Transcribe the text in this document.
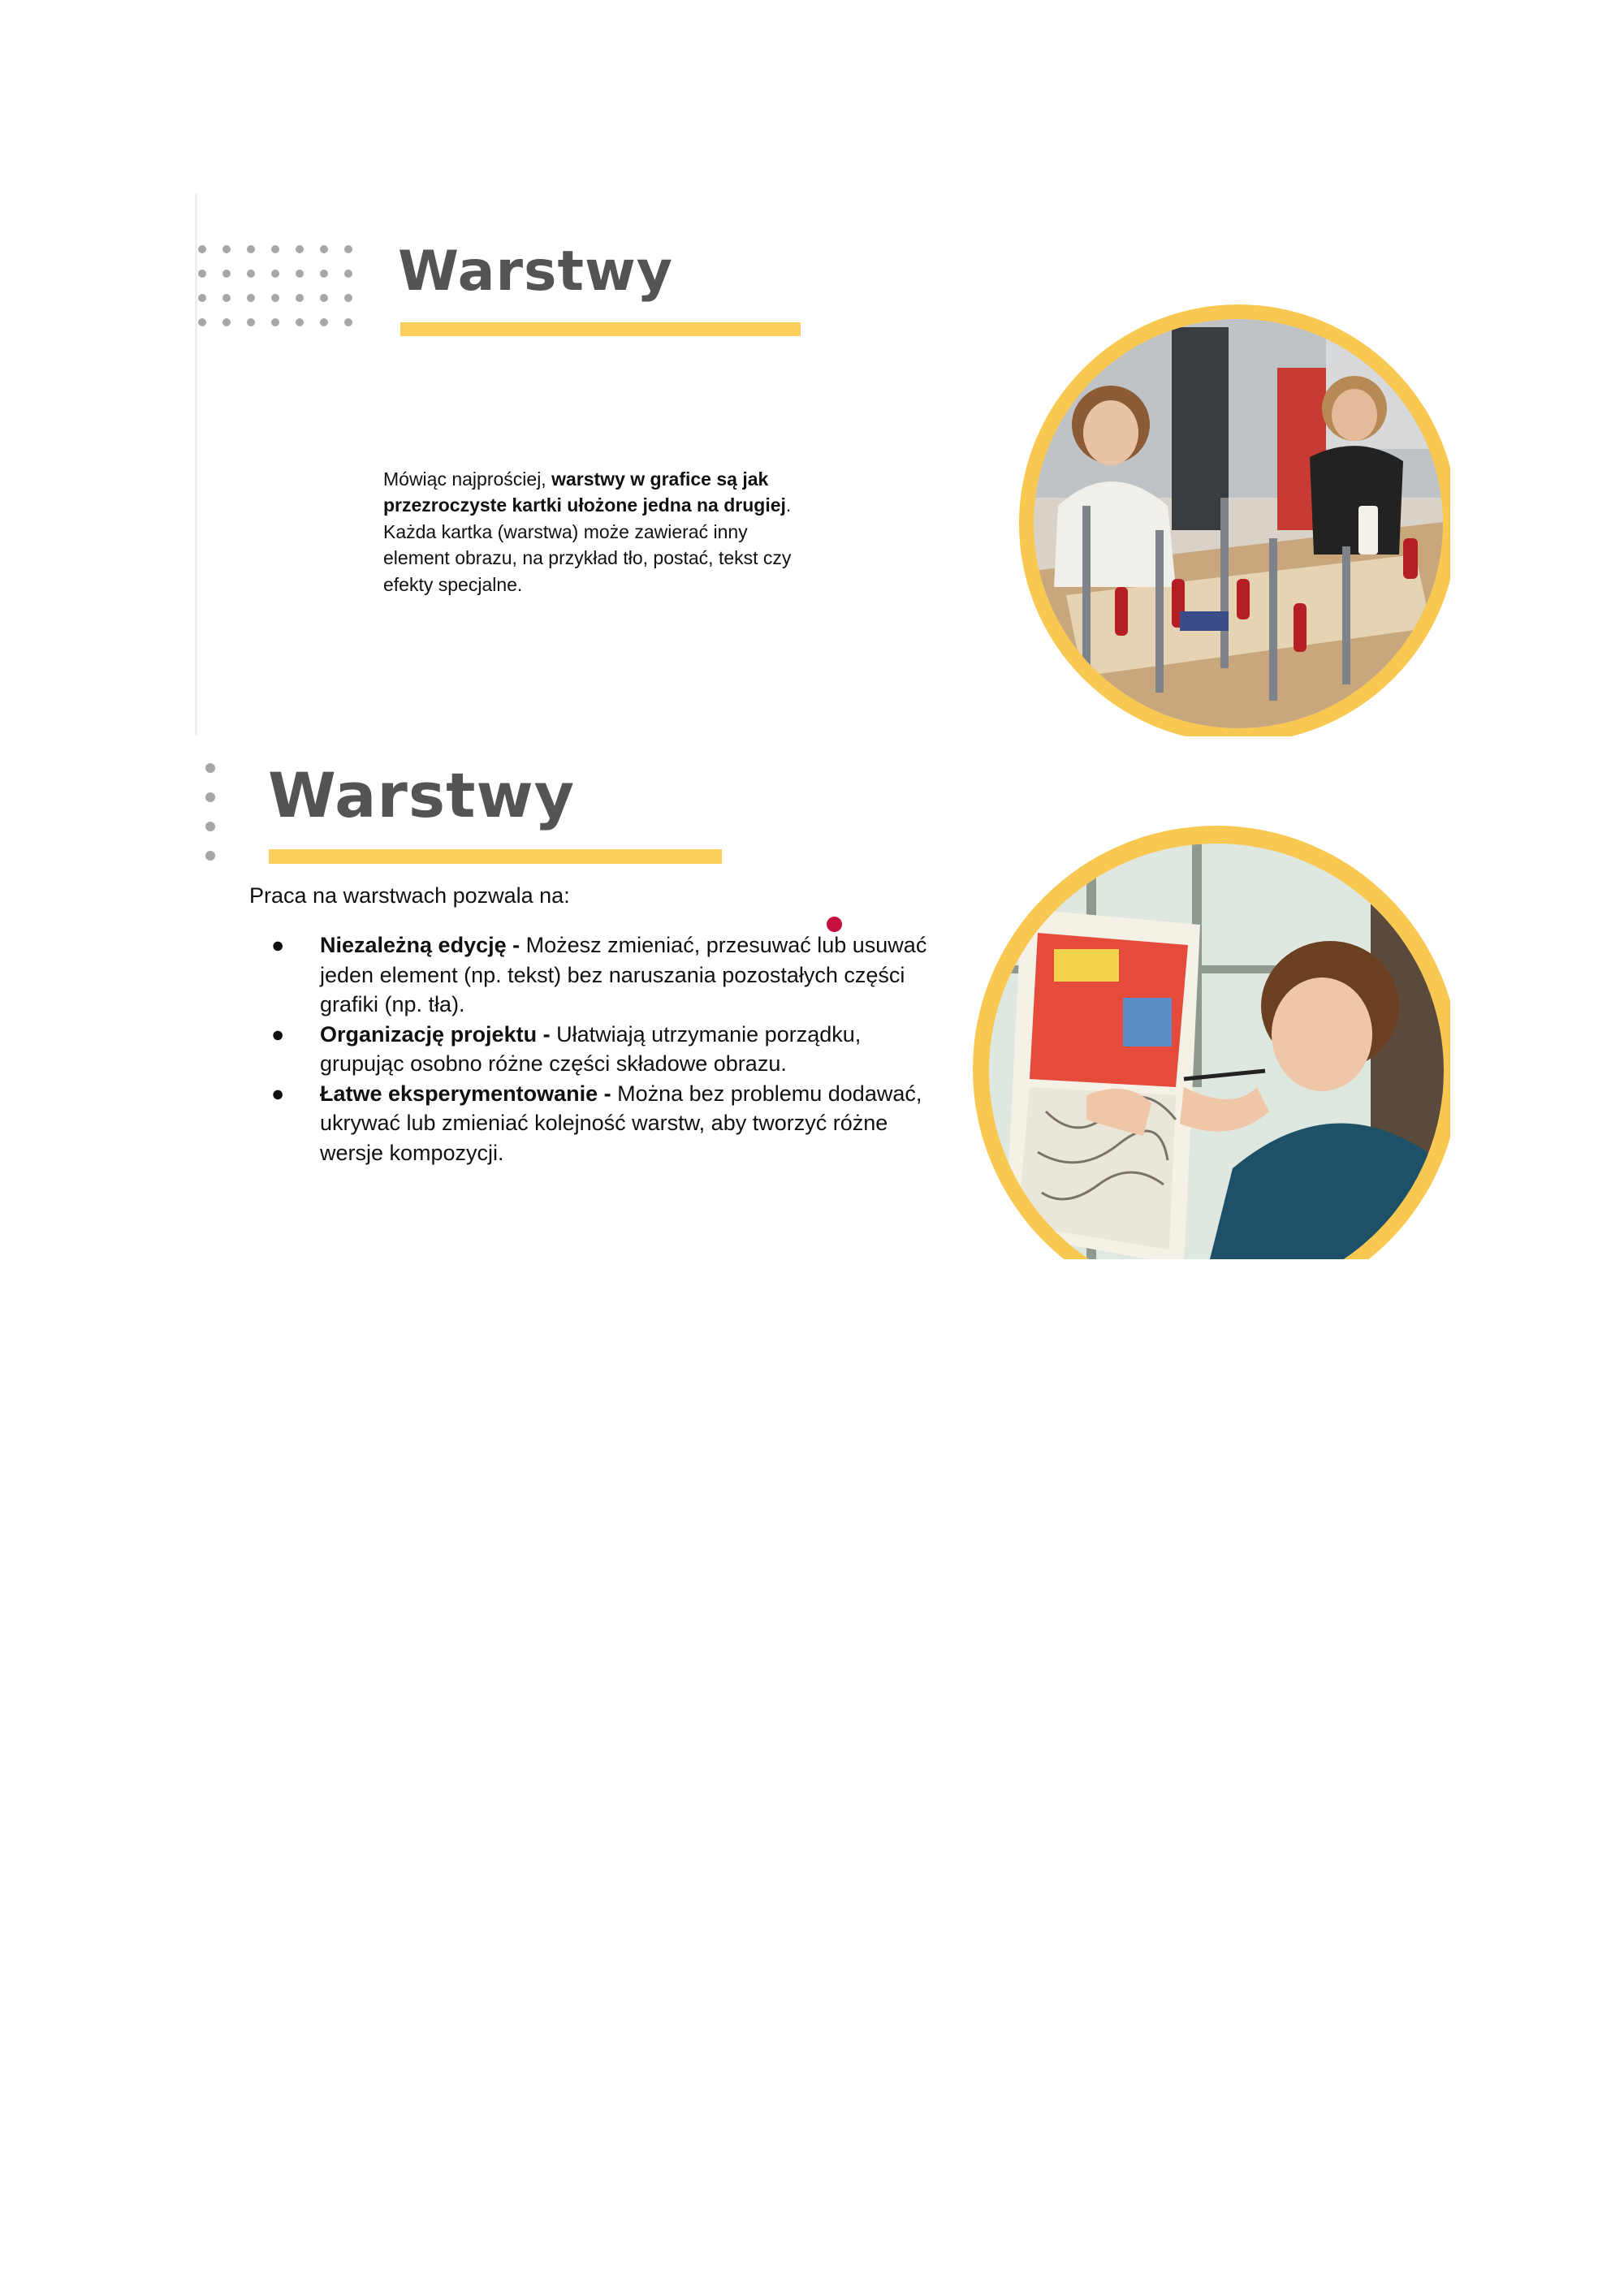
Warstwy
Mówiąc najprościej, warstwy w grafice są jak przezroczyste kartki ułożone jedna na drugiej. Każda kartka (warstwa) może zawierać inny element obrazu, na przykład tło, postać, tekst czy efekty specjalne.
Warstwy
Praca na warstwach pozwala na:
● Niezależną edycję - Możesz zmieniać, przesuwać lub usuwać jeden element (np. tekst) bez naruszania pozostałych części grafiki (np. tła).
● Organizację projektu - Ułatwiają utrzymanie porządku, grupując osobno różne części składowe obrazu.
● Łatwe eksperymentowanie - Można bez problemu dodawać, ukrywać lub zmieniać kolejność warstw, aby tworzyć różne wersje kompozycji.
